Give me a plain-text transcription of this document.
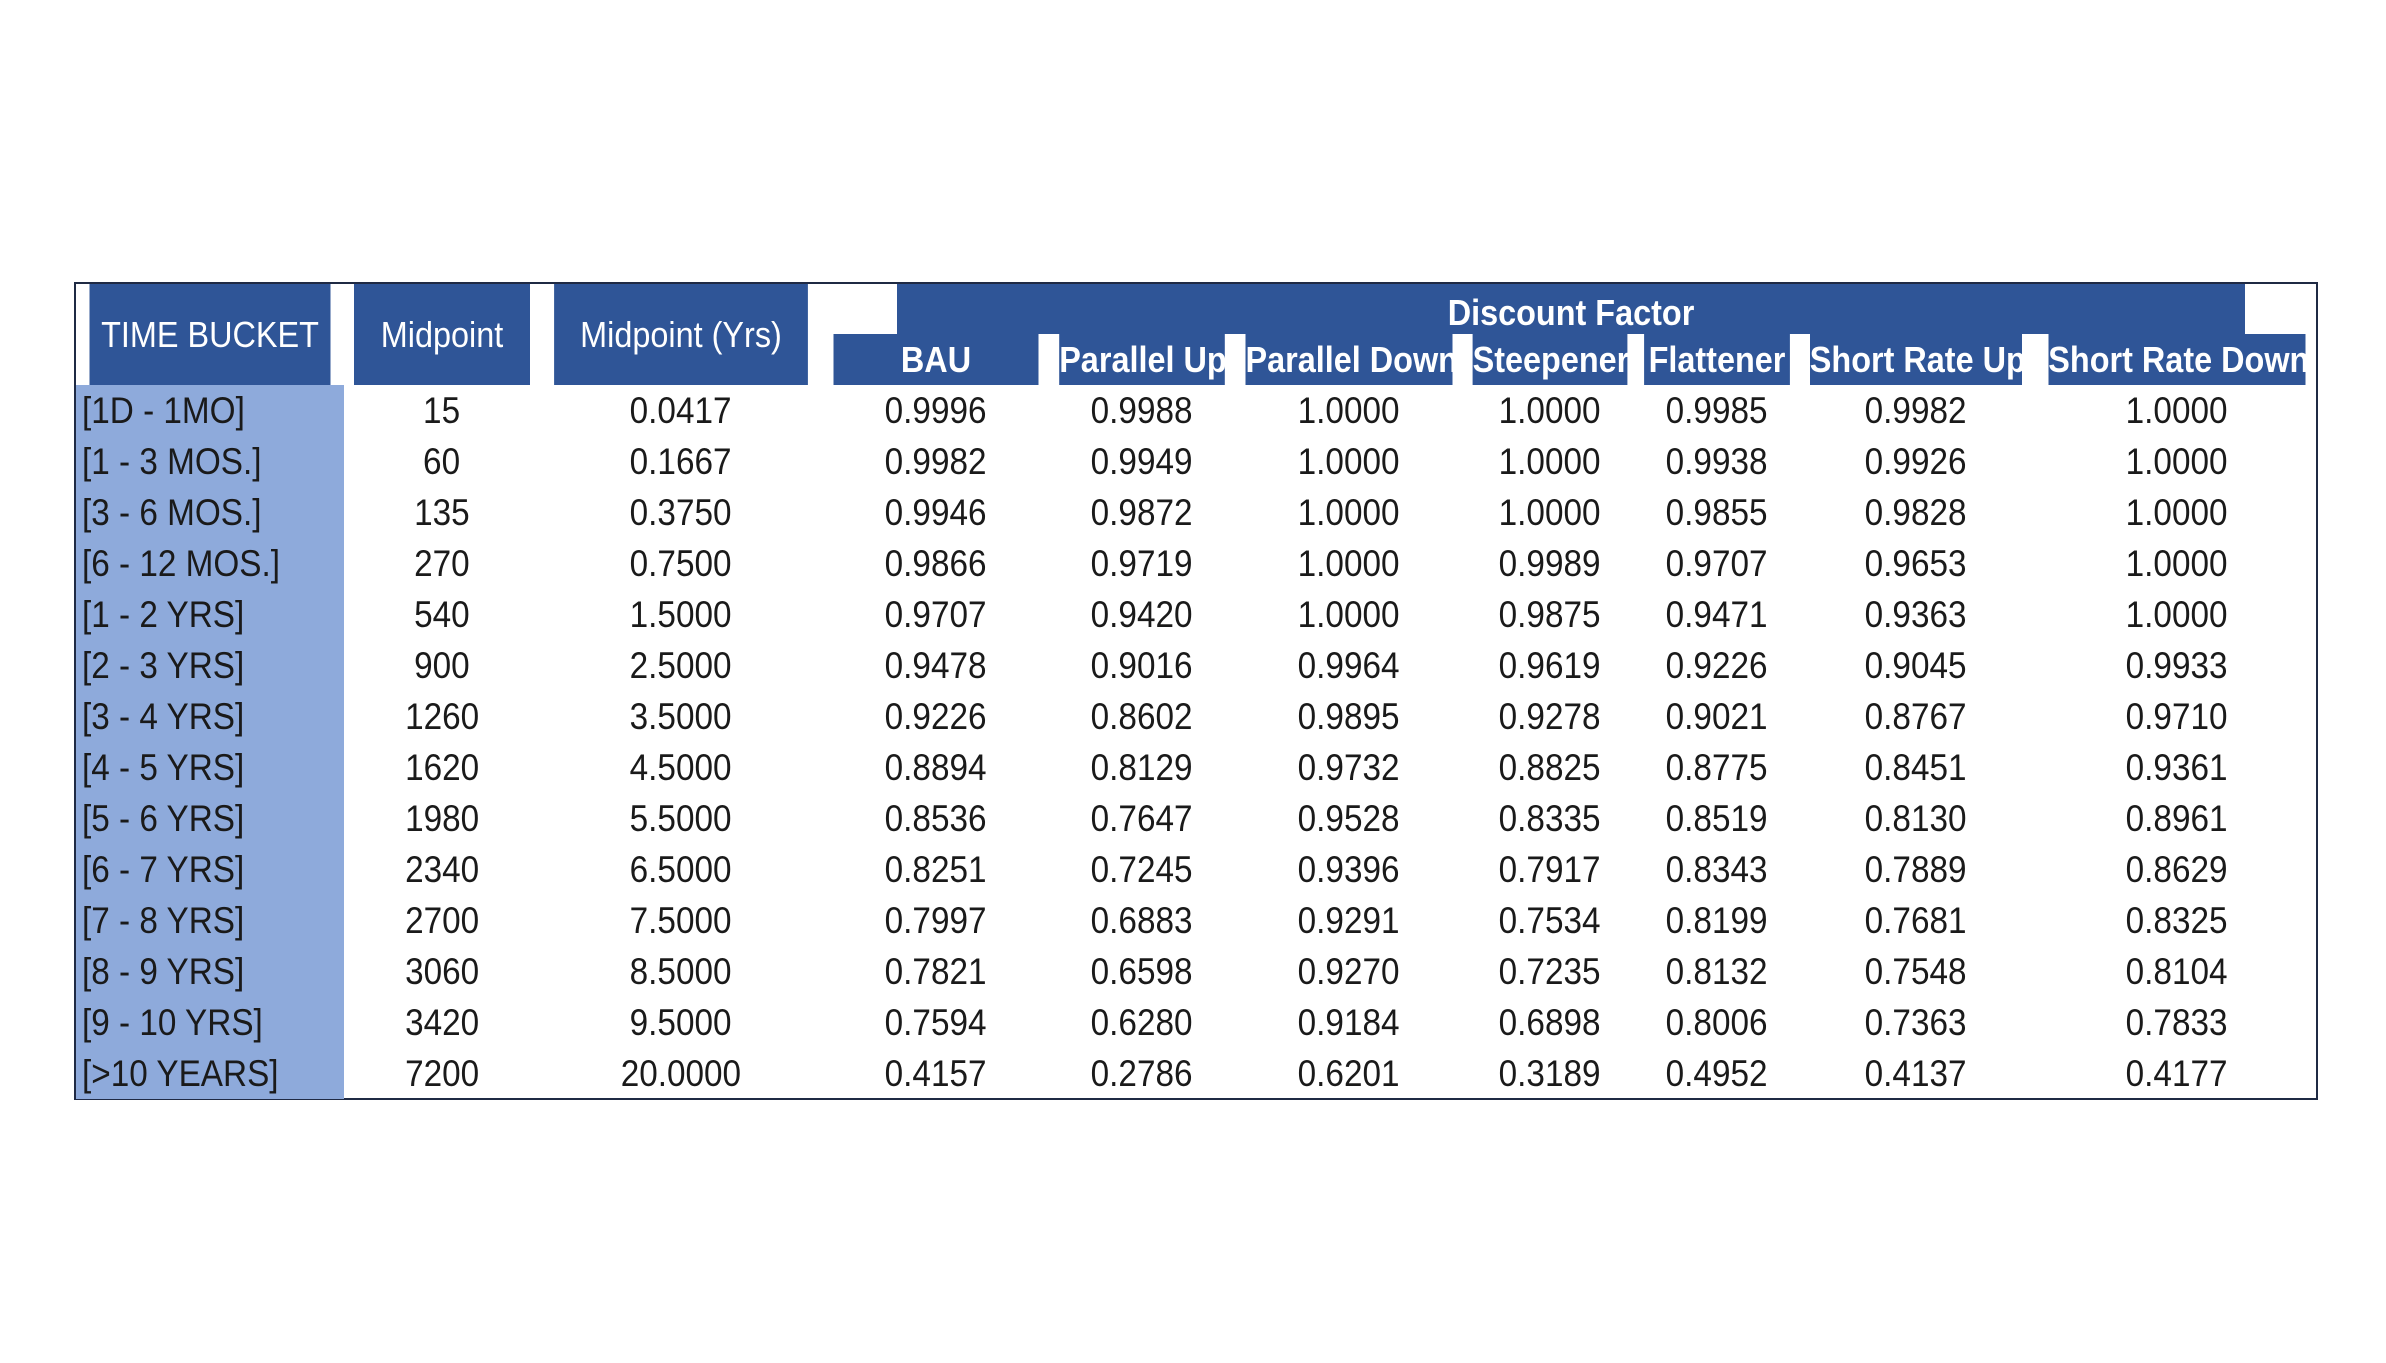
TIME BUCKET	Midpoint	Midpoint (Yrs)	Discount Factor						
			BAU	Parallel Up	Parallel Down	Steepener	Flattener	Short Rate Up	Short Rate Down
[1D - 1MO]	15	0.0417	0.9996	0.9988	1.0000	1.0000	0.9985	0.9982	1.0000
[1 - 3 MOS.]	60	0.1667	0.9982	0.9949	1.0000	1.0000	0.9938	0.9926	1.0000
[3 - 6 MOS.]	135	0.3750	0.9946	0.9872	1.0000	1.0000	0.9855	0.9828	1.0000
[6 - 12 MOS.]	270	0.7500	0.9866	0.9719	1.0000	0.9989	0.9707	0.9653	1.0000
[1 - 2 YRS]	540	1.5000	0.9707	0.9420	1.0000	0.9875	0.9471	0.9363	1.0000
[2 - 3 YRS]	900	2.5000	0.9478	0.9016	0.9964	0.9619	0.9226	0.9045	0.9933
[3 - 4 YRS]	1260	3.5000	0.9226	0.8602	0.9895	0.9278	0.9021	0.8767	0.9710
[4 - 5 YRS]	1620	4.5000	0.8894	0.8129	0.9732	0.8825	0.8775	0.8451	0.9361
[5 - 6 YRS]	1980	5.5000	0.8536	0.7647	0.9528	0.8335	0.8519	0.8130	0.8961
[6 - 7 YRS]	2340	6.5000	0.8251	0.7245	0.9396	0.7917	0.8343	0.7889	0.8629
[7 - 8 YRS]	2700	7.5000	0.7997	0.6883	0.9291	0.7534	0.8199	0.7681	0.8325
[8 - 9 YRS]	3060	8.5000	0.7821	0.6598	0.9270	0.7235	0.8132	0.7548	0.8104
[9 - 10 YRS]	3420	9.5000	0.7594	0.6280	0.9184	0.6898	0.8006	0.7363	0.7833
[>10 YEARS]	7200	20.0000	0.4157	0.2786	0.6201	0.3189	0.4952	0.4137	0.4177
